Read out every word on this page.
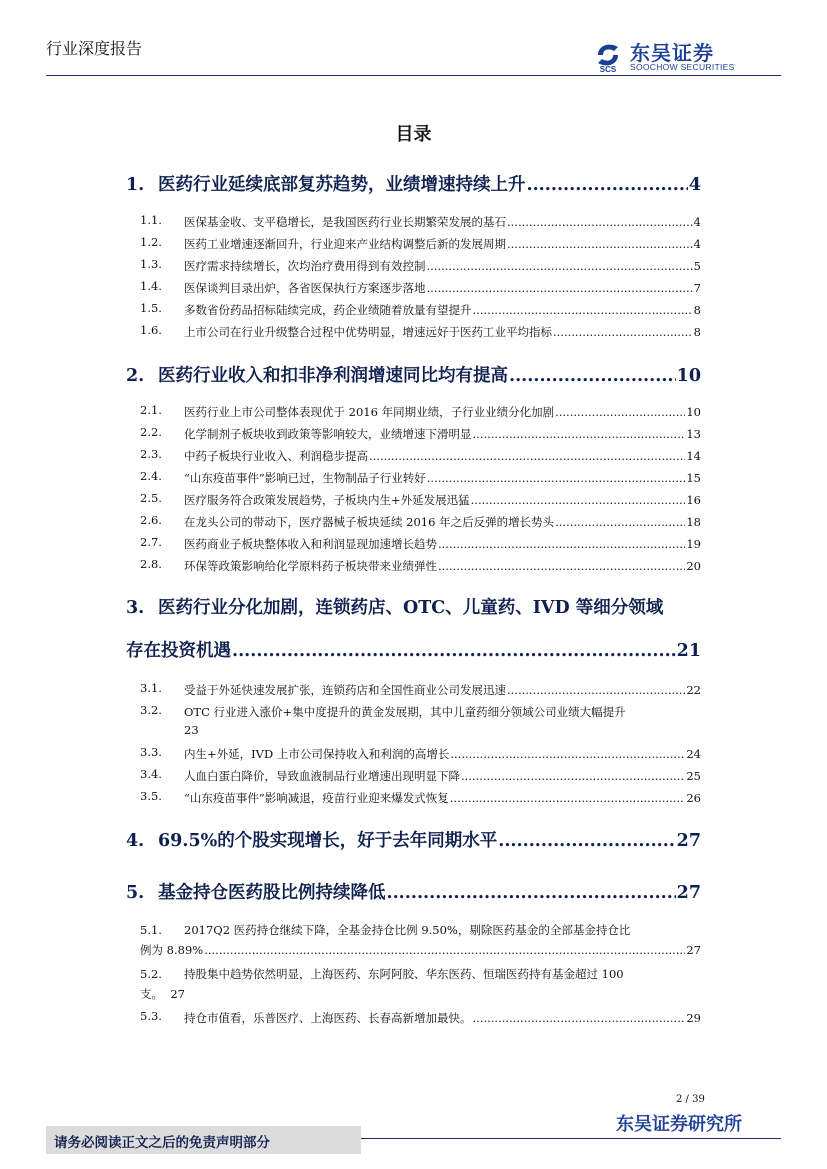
行业深度报告
SCS
东吴证券
SOOCHOW SECURITIES
目录
1. 医药行业延续底部复苏趋势，业绩增速持续上升 .....	4
1.1. 医保基金收、支平稳增长，是我国医药行业长期繁荣发展的基石 .....	4
1.2. 医药工业增速逐渐回升，行业迎来产业结构调整后新的发展周期 .....	4
1.3. 医疗需求持续增长，次均治疗费用得到有效控制 .....	5
1.4. 医保谈判目录出炉，各省医保执行方案逐步落地 .....	7
1.5. 多数省份药品招标陆续完成，药企业绩随着放量有望提升 .....	8
1.6. 上市公司在行业升级整合过程中优势明显，增速远好于医药工业平均指标 .....	8
2. 医药行业收入和扣非净利润增速同比均有提高 .....	10
2.1. 医药行业上市公司整体表现优于 2016 年同期业绩，子行业业绩分化加剧 .....	10
2.2. 化学制剂子板块收到政策等影响较大，业绩增速下滑明显 .....	13
2.3. 中药子板块行业收入、利润稳步提高 .....	14
2.4. “山东疫苗事件”影响已过，生物制品子行业转好 .....	15
2.5. 医疗服务符合政策发展趋势，子板块内生+外延发展迅猛 .....	16
2.6. 在龙头公司的带动下，医疗器械子板块延续 2016 年之后反弹的增长势头 .....	18
2.7. 医药商业子板块整体收入和利润显现加速增长趋势 .....	19
2.8. 环保等政策影响给化学原料药子板块带来业绩弹性 .....	20
3. 医药行业分化加剧，连锁药店、OTC、儿童药、IVD 等细分领域
存在投资机遇 .....	21
3.1. 受益于外延快速发展扩张，连锁药店和全国性商业公司发展迅速 .....	22
3.2. OTC 行业进入涨价+集中度提升的黄金发展期，其中儿童药细分领域公司业绩大幅提升
23
3.3. 内生+外延，IVD 上市公司保持收入和利润的高增长 .....	24
3.4. 人血白蛋白降价，导致血液制品行业增速出现明显下降 .....	25
3.5. “山东疫苗事件”影响减退，疫苗行业迎来爆发式恢复 .....	26
4. 69.5%的个股实现增长，好于去年同期水平 .....	27
5. 基金持仓医药股比例持续降低 .....	27
5.1. 2017Q2 医药持仓继续下降，全基金持仓比例 9.50%，剔除医药基金的全部基金持仓比
例为 8.89% .....	27
5.2. 持股集中趋势依然明显，上海医药、东阿阿胶、华东医药、恒瑞医药持有基金超过 100
支。 27
5.3. 持仓市值看，乐普医疗、上海医药、长春高新增加最快。 .....	29
2 / 39
东吴证券研究所
请务必阅读正文之后的免责声明部分
